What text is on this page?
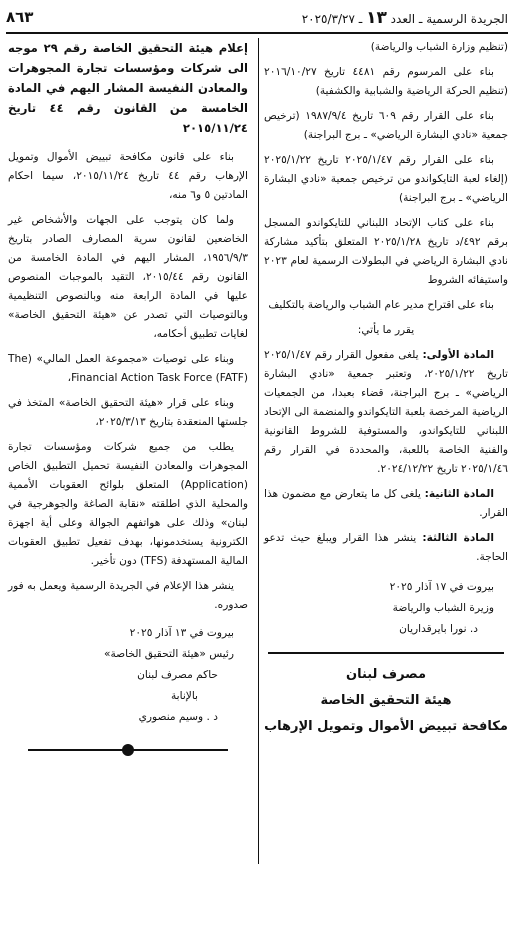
٨٦٣	الجريدة الرسمية ـ العدد ١٣ ـ ٢٠٢٥/٣/٢٧

(تنظيم وزارة الشباب والرياضة)

بناء على المرسوم رقم ٤٤٨١ تاريخ ٢٠١٦/١٠/٢٧ (تنظيم الحركة الرياضية والشبابية والكشفية)

بناء على القرار رقم ٦٠٩ تاريخ ١٩٨٧/٩/٤ (ترخيص جمعية «نادي البشارة الرياضي» ـ برج البراجنة)

بناء على القرار رقم ٢٠٢٥/١/٤٧ تاريخ ٢٠٢٥/١/٢٢ (إلغاء لعبة التايكواندو من ترخيص جمعية «نادي البشارة الرياضي» ـ برج البراجنة)

بناء على كتاب الإتحاد اللبناني للتايكواندو المسجل برقم ٤٩٢/د تاريخ ٢٠٢٥/١/٢٨ المتعلق بتأكيد مشاركة نادي البشارة الرياضي في البطولات الرسمية لعام ٢٠٢٣ واستيفائه الشروط

بناء على اقتراح مدير عام الشباب والرياضة بالتكليف

يقرر ما يأتي:

المادة الأولى: يلغى مفعول القرار رقم ٢٠٢٥/١/٤٧ تاريخ ٢٠٢٥/١/٢٢، وتعتبر جمعية «نادي البشارة الرياضي» ـ برج البراجنة، قضاء بعبدا، من الجمعيات الرياضية المرخصة بلعبة التايكواندو والمنضمة الى الإتحاد اللبناني للتايكواندو، والمستوفية للشروط القانونية والفنية الخاصة باللعبة، والمحددة في القرار رقم ٢٠٢٥/١/٤٦ تاريخ ٢٠٢٤/١٢/٢٢.

المادة الثانية: يلغى كل ما يتعارض مع مضمون هذا القرار.

المادة الثالثة: ينشر هذا القرار ويبلغ حيث تدعو الحاجة.

بيروت في ١٧ آذار ٢٠٢٥

وزيرة الشباب والرياضة

د. نورا بايرقداريان

مصرف لبنان

هيئة التحقيق الخاصة

مكافحة تبييض الأموال وتمويل الإرهاب

إعلام هيئة التحقيق الخاصة رقم ٢٩ موجه الى شركات ومؤسسات تجارة المجوهرات والمعادن النفيسة المشار اليهم في المادة الخامسة من القانون رقم ٤٤ تاريخ ٢٠١٥/١١/٢٤

بناء على قانون مكافحة تبييض الأموال وتمويل الإرهاب رقم ٤٤ تاريخ ٢٠١٥/١١/٢٤، سيما احكام المادتين ٥ و٦ منه،

ولما كان يتوجب على الجهات والأشخاص غير الخاضعين لقانون سرية المصارف الصادر بتاريخ ١٩٥٦/٩/٣، المشار اليهم في المادة الخامسة من القانون رقم ٢٠١٥/٤٤، التقيد بالموجبات المنصوص عليها في المادة الرابعة منه وبالنصوص التنظيمية وبالتوصيات التي تصدر عن «هيئة التحقيق الخاصة» لغايات تطبيق أحكامه،

وبناء على توصيات «مجموعة العمل المالي» (The Financial Action Task Force (FATF)،

وبناء على قرار «هيئة التحقيق الخاصة» المتخذ في جلستها المنعقدة بتاريخ ٢٠٢٥/٣/١٣،

يطلب من جميع شركات ومؤسسات تجارة المجوهرات والمعادن النفيسة تحميل التطبيق الخاص (Application) المتعلق بلوائح العقوبات الأممية والمحلية الذي اطلقته «نقابة الصاغة والجوهرجية في لبنان» وذلك على هواتفهم الجوالة وعلى أية اجهزة الكترونية يستخدمونها، بهدف تفعيل تطبيق العقوبات المالية المستهدفة (TFS) دون تأخير.

ينشر هذا الإعلام في الجريدة الرسمية ويعمل به فور صدوره.

بيروت في ١٣ آذار ٢٠٢٥

رئيس «هيئة التحقيق الخاصة»

حاكم مصرف لبنان

بالإنابة

د . وسيم منصوري
